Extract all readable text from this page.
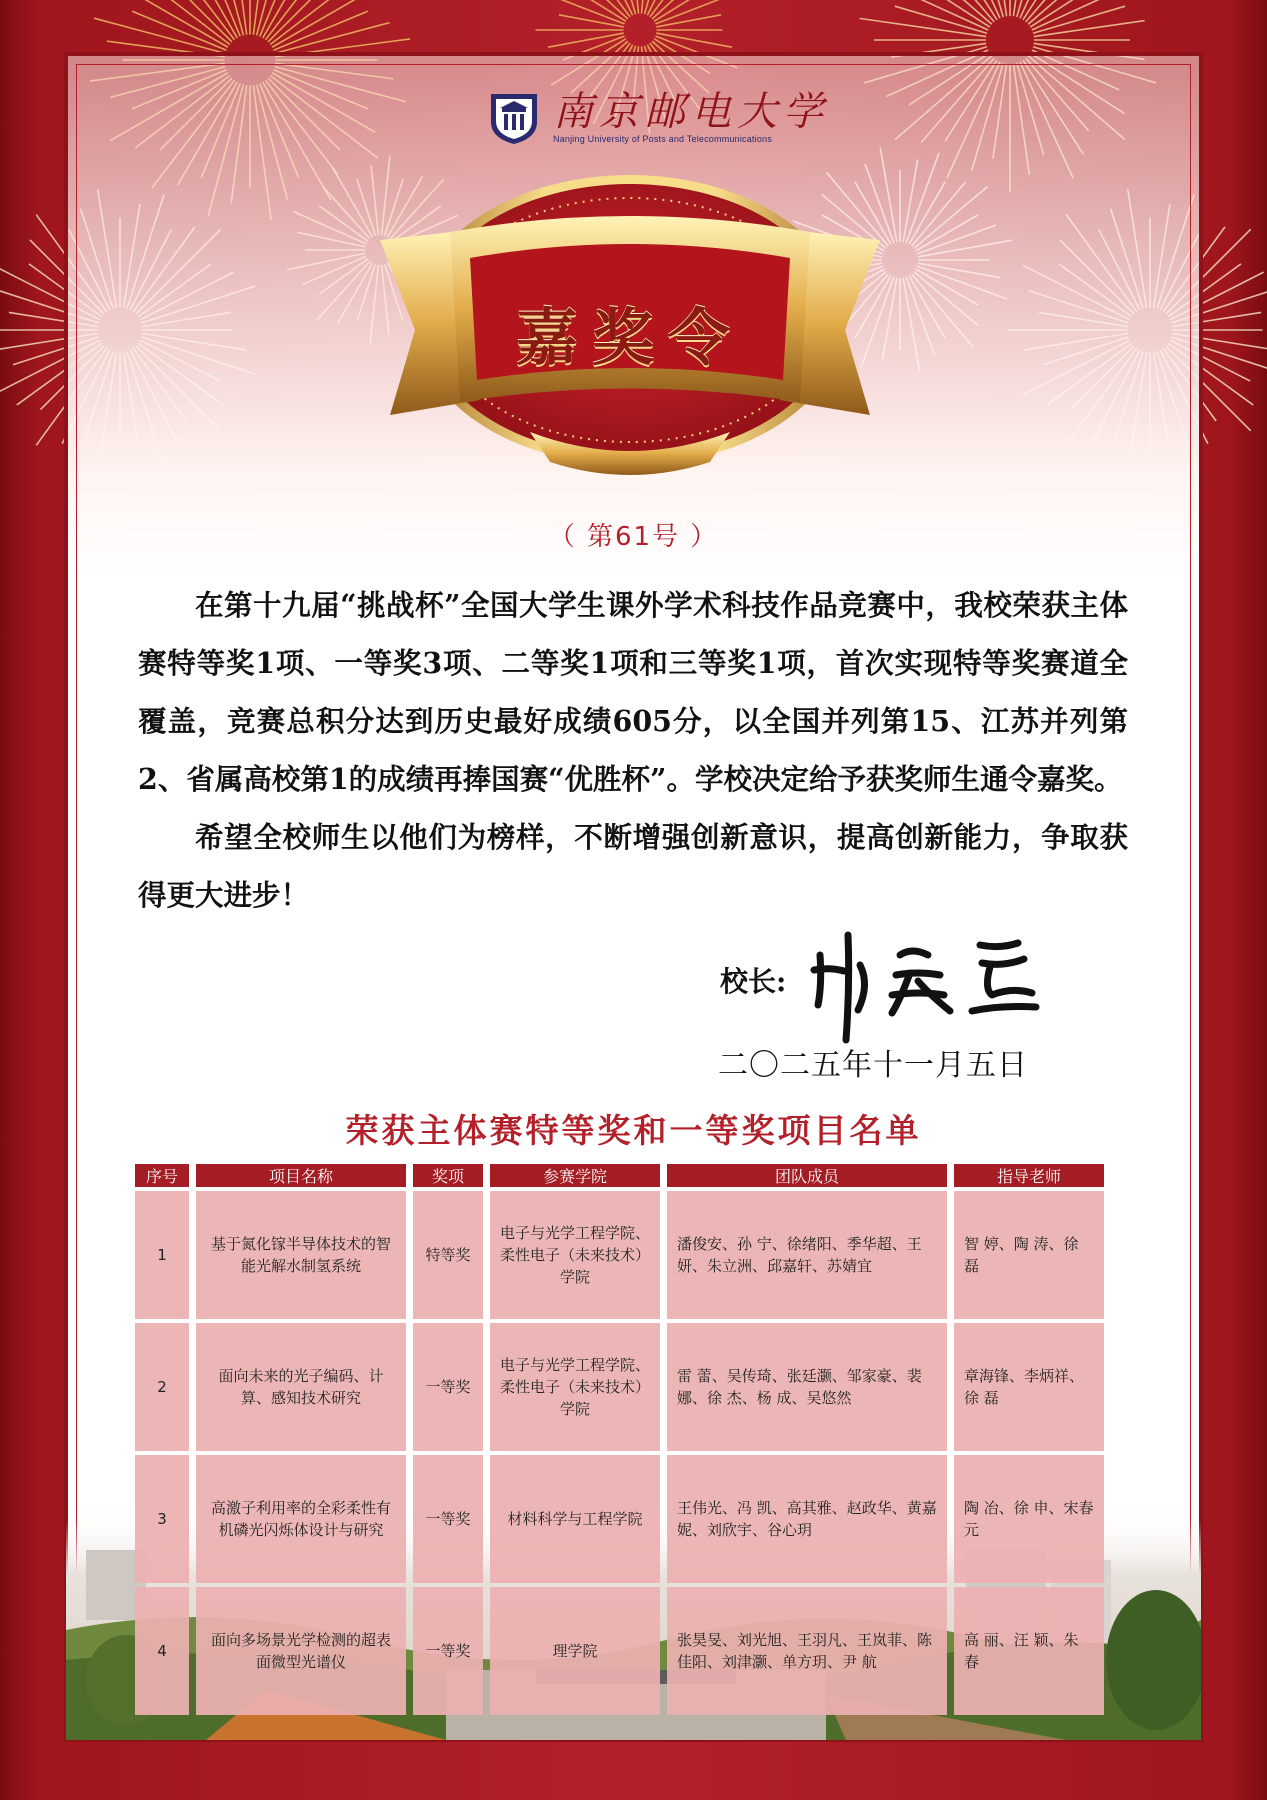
南京邮电大学
Nanjing University of Posts and Telecommunications
嘉奖令
（ 第61号 ）

在第十九届“挑战杯”全国大学生课外学术科技作品竞赛中，我校荣获主体赛特等奖1项、一等奖3项、二等奖1项和三等奖1项，首次实现特等奖赛道全覆盖，竞赛总积分达到历史最好成绩605分，以全国并列第15、江苏并列第2、省属高校第1的成绩再捧国赛“优胜杯”。学校决定给予获奖师生通令嘉奖。

希望全校师生以他们为榜样，不断增强创新意识，提高创新能力，争取获得更大进步！

校长:
二〇二五年十一月五日
荣获主体赛特等奖和一等奖项目名单
序号	项目名称	奖项	参赛学院	团队成员	指导老师
1	基于氮化镓半导体技术的智能光解水制氢系统	特等奖	电子与光学工程学院、柔性电子（未来技术）学院	潘俊安、孙 宁、徐绪阳、季华超、王 妍、朱立洲、邱嘉轩、苏婧宜	智 婷、陶 涛、徐 磊
2	面向未来的光子编码、计算、感知技术研究	一等奖	电子与光学工程学院、柔性电子（未来技术）学院	雷 蕾、吴传琦、张廷灏、邹家豪、裴 娜、徐 杰、杨 成、吴悠然	章海锋、李炳祥、徐 磊
3	高激子利用率的全彩柔性有机磷光闪烁体设计与研究	一等奖	材料科学与工程学院	王伟光、冯 凯、高其雅、赵政华、黄嘉妮、刘欣宇、谷心玥	陶 冶、徐 申、宋春元
4	面向多场景光学检测的超表面微型光谱仪	一等奖	理学院	张昊旻、刘光旭、王羽凡、王岚菲、陈佳阳、刘津灏、单方玥、尹 航	高 丽、汪 颖、朱 春
